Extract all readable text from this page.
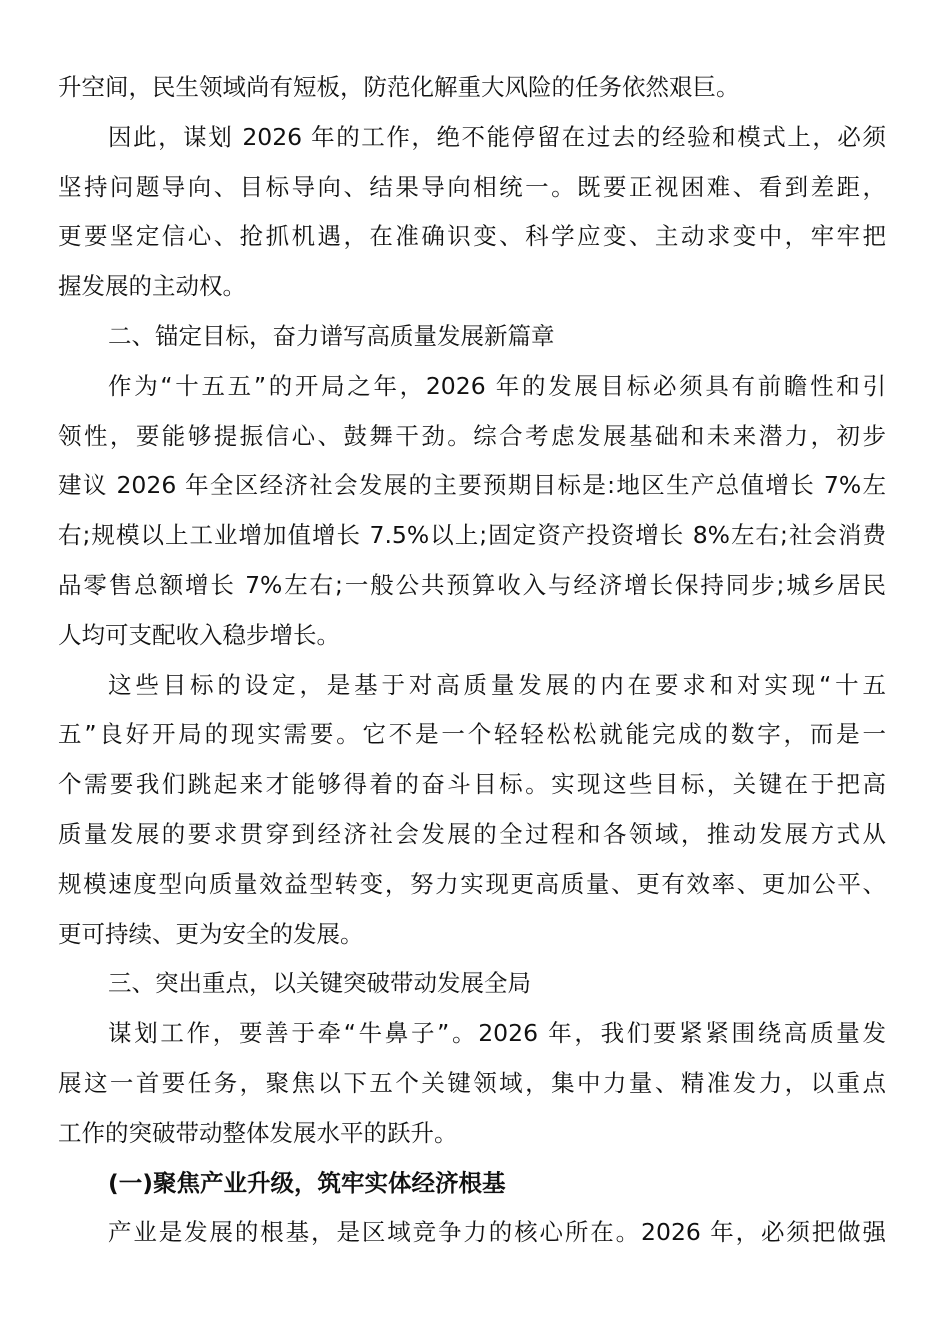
升空间，民生领域尚有短板，防范化解重大风险的任务依然艰巨。
因此，谋划 2026 年的工作，绝不能停留在过去的经验和模式上，必须
坚持问题导向、目标导向、结果导向相统一。既要正视困难、看到差距，
更要坚定信心、抢抓机遇，在准确识变、科学应变、主动求变中，牢牢把
握发展的主动权。
二、锚定目标，奋力谱写高质量发展新篇章
作为“十五五”的开局之年，2026 年的发展目标必须具有前瞻性和引
领性，要能够提振信心、鼓舞干劲。综合考虑发展基础和未来潜力，初步
建议 2026 年全区经济社会发展的主要预期目标是:地区生产总值增长 7%左
右;规模以上工业增加值增长 7.5%以上;固定资产投资增长 8%左右;社会消费
品零售总额增长 7%左右;一般公共预算收入与经济增长保持同步;城乡居民
人均可支配收入稳步增长。
这些目标的设定，是基于对高质量发展的内在要求和对实现“十五
五”良好开局的现实需要。它不是一个轻轻松松就能完成的数字，而是一
个需要我们跳起来才能够得着的奋斗目标。实现这些目标，关键在于把高
质量发展的要求贯穿到经济社会发展的全过程和各领域，推动发展方式从
规模速度型向质量效益型转变，努力实现更高质量、更有效率、更加公平、
更可持续、更为安全的发展。
三、突出重点，以关键突破带动发展全局
谋划工作，要善于牵“牛鼻子”。2026 年，我们要紧紧围绕高质量发
展这一首要任务，聚焦以下五个关键领域，集中力量、精准发力，以重点
工作的突破带动整体发展水平的跃升。
(一)聚焦产业升级，筑牢实体经济根基
产业是发展的根基，是区域竞争力的核心所在。2026 年，必须把做强
